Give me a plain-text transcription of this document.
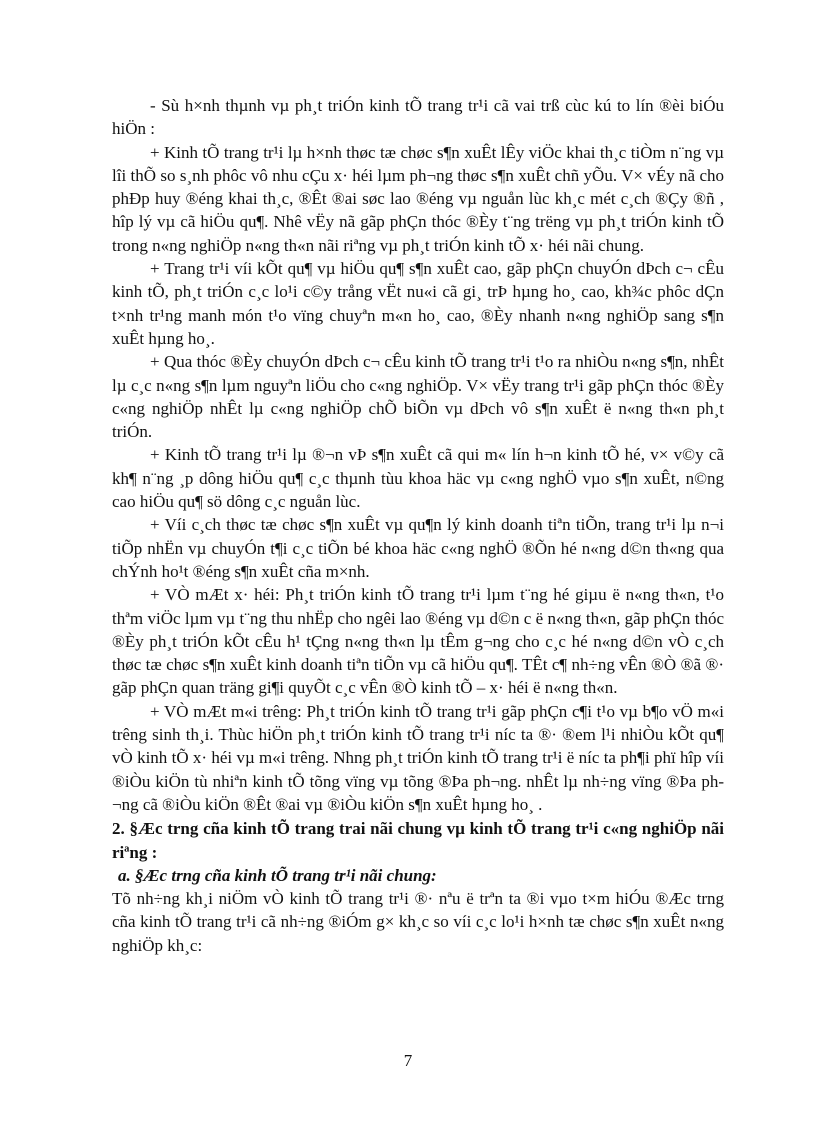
- Sù h×nh thµnh vµ ph¸t triÓn kinh tÕ trang tr¹i cã vai trß cùc kú to lín ®èi biÓu hiÖn :

+ Kinh tÕ trang tr¹i lµ h×nh thøc tæ chøc s¶n xuÊt lÊy viÖc khai th¸c tiÒm n¨ng vµ lîi thÕ so s¸nh phôc vô nhu cÇu x· héi lµm ph¬ng thøc s¶n xuÊt chñ yÕu. V× vÉy nã cho phÐp huy ®éng khai th¸c, ®Êt ®ai søc lao ®éng vµ nguån lùc kh¸c mét c¸ch ®Çy ®ñ , hîp lý vµ cã hiÖu qu¶. Nhê vËy nã gãp phÇn thóc ®Èy t¨ng trëng vµ ph¸t triÓn kinh tÕ trong n«ng nghiÖp n«ng th«n nãi riªng vµ ph¸t triÓn kinh tÕ x· héi nãi chung.

+ Trang tr¹i víi kÕt qu¶ vµ hiÖu qu¶ s¶n xuÊt cao, gãp phÇn chuyÓn dÞch c¬ cÊu kinh tÕ, ph¸t triÓn c¸c lo¹i c©y trång vËt nu«i cã gi¸ trÞ hµng ho¸ cao, kh¾c phôc dÇn t×nh tr¹ng manh món t¹o vïng chuyªn m«n ho¸ cao, ®Èy nhanh n«ng nghiÖp sang s¶n xuÊt hµng ho¸.

+ Qua thóc ®Èy chuyÓn dÞch c¬ cÊu kinh tÕ trang tr¹i t¹o ra nhiÒu n«ng s¶n, nhÊt lµ c¸c n«ng s¶n lµm nguyªn liÖu cho c«ng nghiÖp. V× vËy trang tr¹i gãp phÇn thóc ®Èy c«ng nghiÖp nhÊt lµ c«ng nghiÖp chÕ biÕn vµ dÞch vô s¶n xuÊt ë n«ng th«n ph¸t triÓn.

+ Kinh tÕ trang tr¹i lµ ®¬n vÞ s¶n xuÊt cã qui m« lín h¬n kinh tÕ hé, v× v©y cã kh¶ n¨ng ¸p dông hiÖu qu¶ c¸c thµnh tùu khoa häc vµ c«ng nghÖ vµo s¶n xuÊt, n©ng cao hiÖu qu¶ sö dông c¸c nguån lùc.

+ Víi c¸ch thøc tæ chøc s¶n xuÊt vµ qu¶n lý kinh doanh tiªn tiÕn, trang tr¹i lµ n¬i tiÕp nhËn vµ chuyÓn t¶i c¸c tiÕn bé khoa häc c«ng nghÖ ®Õn hé n«ng d©n th«ng qua chÝnh ho¹t ®éng s¶n xuÊt cña m×nh.

+ VÒ mÆt x· héi: Ph¸t triÓn kinh tÕ trang tr¹i lµm t¨ng hé giµu ë n«ng th«n, t¹o thªm viÖc lµm vµ t¨ng thu nhËp cho ngêi lao ®éng vµ d©n c ë n«ng th«n, gãp phÇn thóc ®Èy ph¸t triÓn kÕt cÊu h¹ tÇng n«ng th«n lµ tÊm g¬ng cho c¸c hé n«ng d©n vÒ c¸ch thøc tæ chøc s¶n xuÊt kinh doanh tiªn tiÕn vµ cã hiÖu qu¶. TÊt c¶ nh÷ng vÊn ®Ò ®ã ®· gãp phÇn quan träng gi¶i quyÕt c¸c vÊn ®Ò kinh tÕ – x· héi ë n«ng th«n.

+ VÒ mÆt m«i trêng: Ph¸t triÓn kinh tÕ trang tr¹i gãp phÇn c¶i t¹o vµ b¶o vÖ m«i trêng sinh th¸i. Thùc hiÖn ph¸t triÓn kinh tÕ trang tr¹i níc ta ®· ®em l¹i nhiÒu kÕt qu¶ vÒ kinh tÕ x· héi vµ m«i trêng. Nhng ph¸t triÓn kinh tÕ trang tr¹i ë níc ta ph¶i phï hîp víi ®iÒu kiÖn tù nhiªn kinh tÕ tõng vïng vµ tõng ®Þa ph¬ng. nhÊt lµ nh÷ng vïng ®Þa ph¬ng cã ®iÒu kiÖn ®Êt ®ai vµ ®iÒu kiÖn s¶n xuÊt hµng ho¸ .

2. §Æc trng cña kinh tÕ trang trai nãi chung vµ kinh tÕ trang tr¹i c«ng nghiÖp nãi riªng :

a. §Æc trng cña kinh tÕ trang tr¹i nãi chung:

Tõ nh÷ng kh¸i niÖm vÒ kinh tÕ trang tr¹i ®· nªu ë trªn ta ®i vµo t×m hiÓu ®Æc trng cña kinh tÕ trang tr¹i cã nh÷ng ®iÓm g× kh¸c so víi c¸c lo¹i h×nh tæ chøc s¶n xuÊt n«ng nghiÖp kh¸c:

7
